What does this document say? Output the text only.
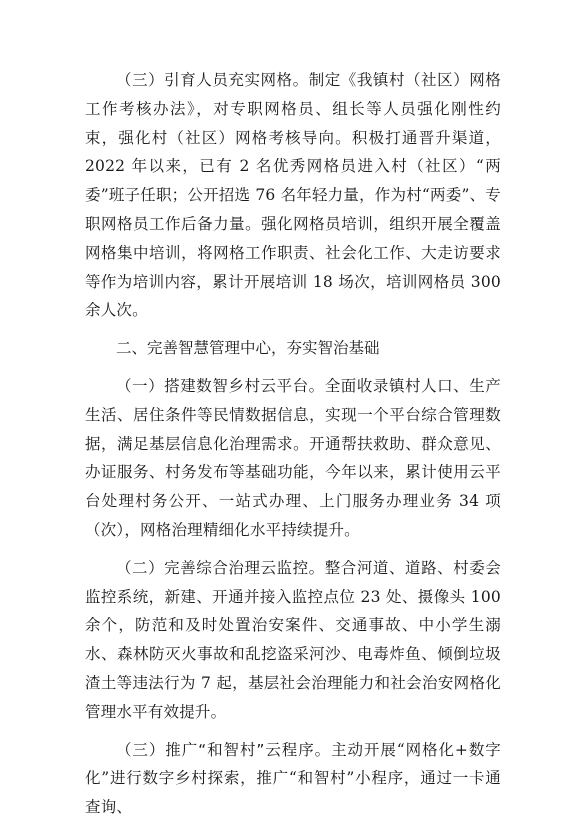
（三）引育人员充实网格。制定《我镇村（社区）网格工作考核办法》，对专职网格员、组长等人员强化刚性约束，强化村（社区）网格考核导向。积极打通晋升渠道，2022 年以来，已有 2 名优秀网格员进入村（社区）“两委”班子任职；公开招选 76 名年轻力量，作为村“两委”、专职网格员工作后备力量。强化网格员培训，组织开展全覆盖网格集中培训，将网格工作职责、社会化工作、大走访要求等作为培训内容，累计开展培训 18 场次，培训网格员 300 余人次。

二、完善智慧管理中心，夯实智治基础

（一）搭建数智乡村云平台。全面收录镇村人口、生产生活、居住条件等民情数据信息，实现一个平台综合管理数据，满足基层信息化治理需求。开通帮扶救助、群众意见、办证服务、村务发布等基础功能，今年以来，累计使用云平台处理村务公开、一站式办理、上门服务办理业务 34 项（次），网格治理精细化水平持续提升。

（二）完善综合治理云监控。整合河道、道路、村委会监控系统，新建、开通并接入监控点位 23 处、摄像头 100 余个，防范和及时处置治安案件、交通事故、中小学生溺水、森林防灭火事故和乱挖盗采河沙、电毒炸鱼、倾倒垃圾渣土等违法行为 7 起，基层社会治理能力和社会治安网格化管理水平有效提升。

（三）推广“和智村”云程序。主动开展“网格化+数字化”进行数字乡村探索，推广“和智村”小程序，通过一卡通查询、
